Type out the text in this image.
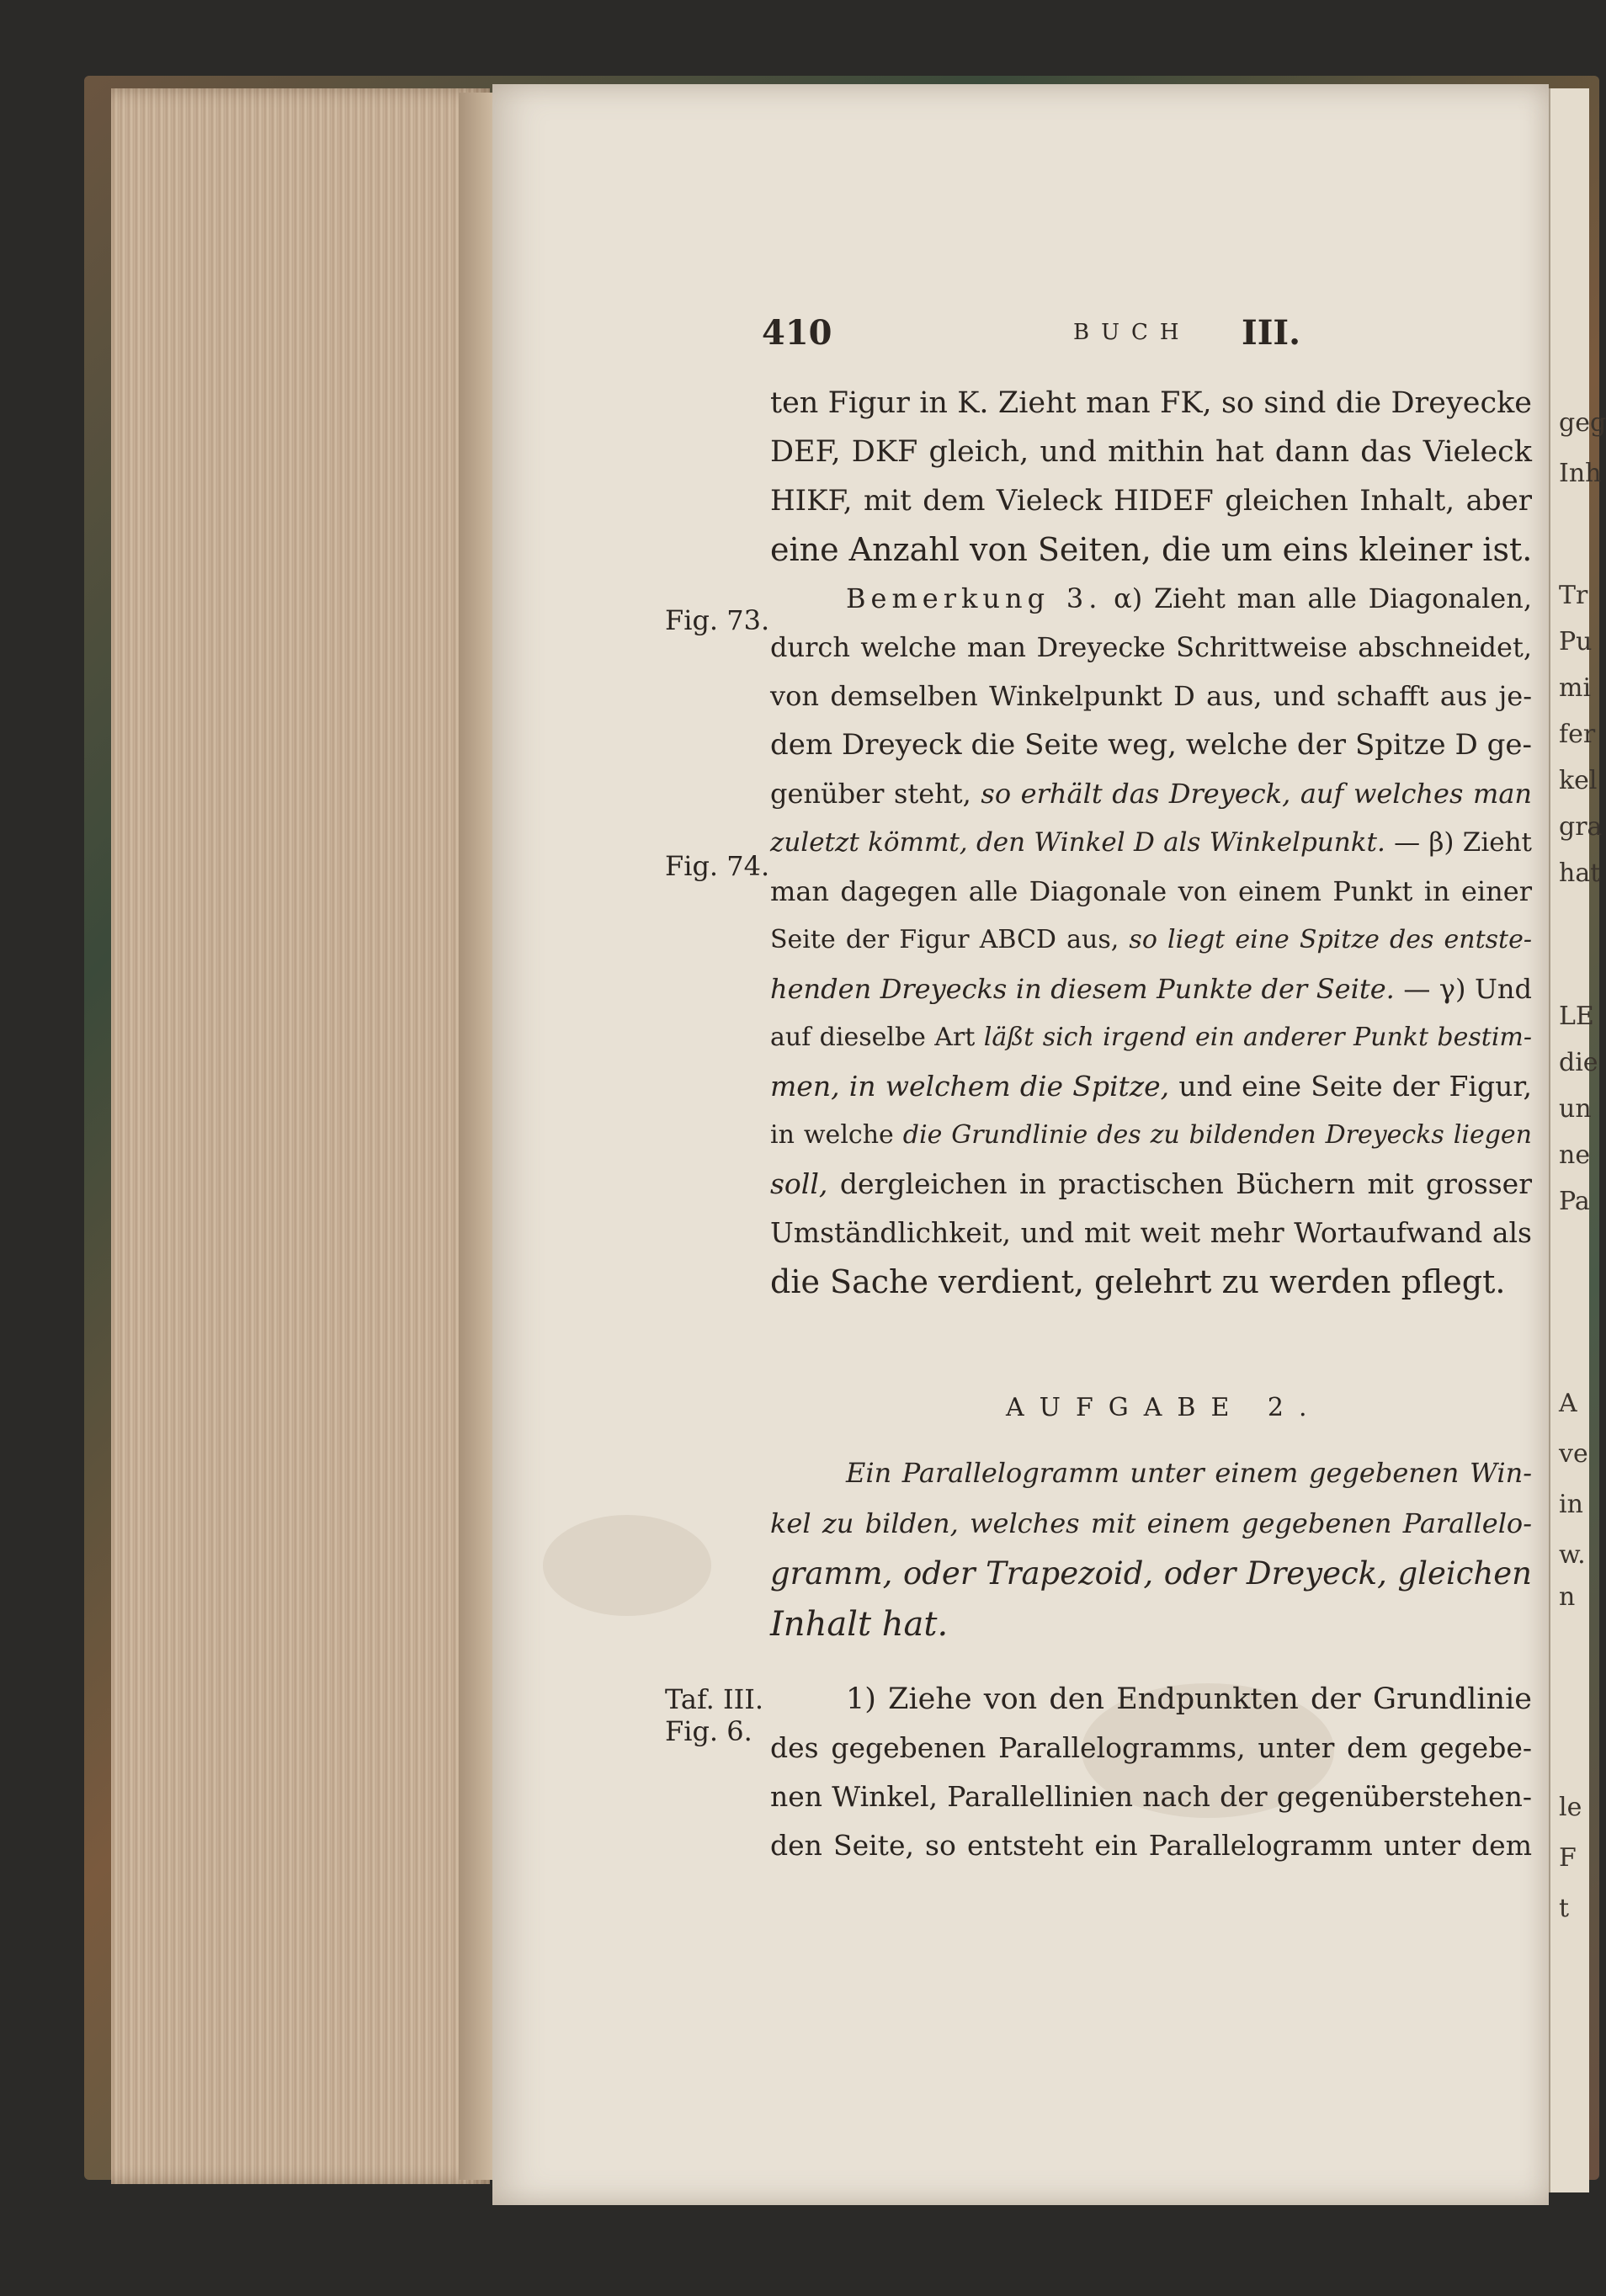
geg
Inh
Tr
Pu
mi
fer
kel
gra
hat
LE
die
un
ne
Pa
A
ve
in
w.
n
le
F
t
410	BUCH III.
Fig. 73.
Fig. 74.
Taf. III.
Fig. 6.
ten Figur in K. Zieht man FK, so sind die Dreyecke
DEF, DKF gleich, und mithin hat dann das Vieleck
HIKF, mit dem Vieleck HIDEF gleichen Inhalt, aber
eine Anzahl von Seiten, die um eins kleiner ist.
Bemerkung 3. α) Zieht man alle Diagonalen,
durch welche man Dreyecke Schrittweise abschneidet,
von demselben Winkelpunkt D aus, und schafft aus je-
dem Dreyeck die Seite weg, welche der Spitze D ge-
genüber steht, so erhält das Dreyeck, auf welches man
zuletzt kömmt, den Winkel D als Winkelpunkt. — β) Zieht
man dagegen alle Diagonale von einem Punkt in einer
Seite der Figur ABCD aus, so liegt eine Spitze des entste-
henden Dreyecks in diesem Punkte der Seite. — γ) Und
auf dieselbe Art läßt sich irgend ein anderer Punkt bestim-
men, in welchem die Spitze, und eine Seite der Figur,
in welche die Grundlinie des zu bildenden Dreyecks liegen
soll, dergleichen in practischen Büchern mit grosser
Umständlichkeit, und mit weit mehr Wortaufwand als
die Sache verdient, gelehrt zu werden pflegt.
AUFGABE 2.
Ein Parallelogramm unter einem gegebenen Win-
kel zu bilden, welches mit einem gegebenen Parallelo-
gramm, oder Trapezoid, oder Dreyeck, gleichen
Inhalt hat.
1) Ziehe von den Endpunkten der Grundlinie
des gegebenen Parallelogramms, unter dem gegebe-
nen Winkel, Parallellinien nach der gegenüberstehen-
den Seite, so entsteht ein Parallelogramm unter dem
